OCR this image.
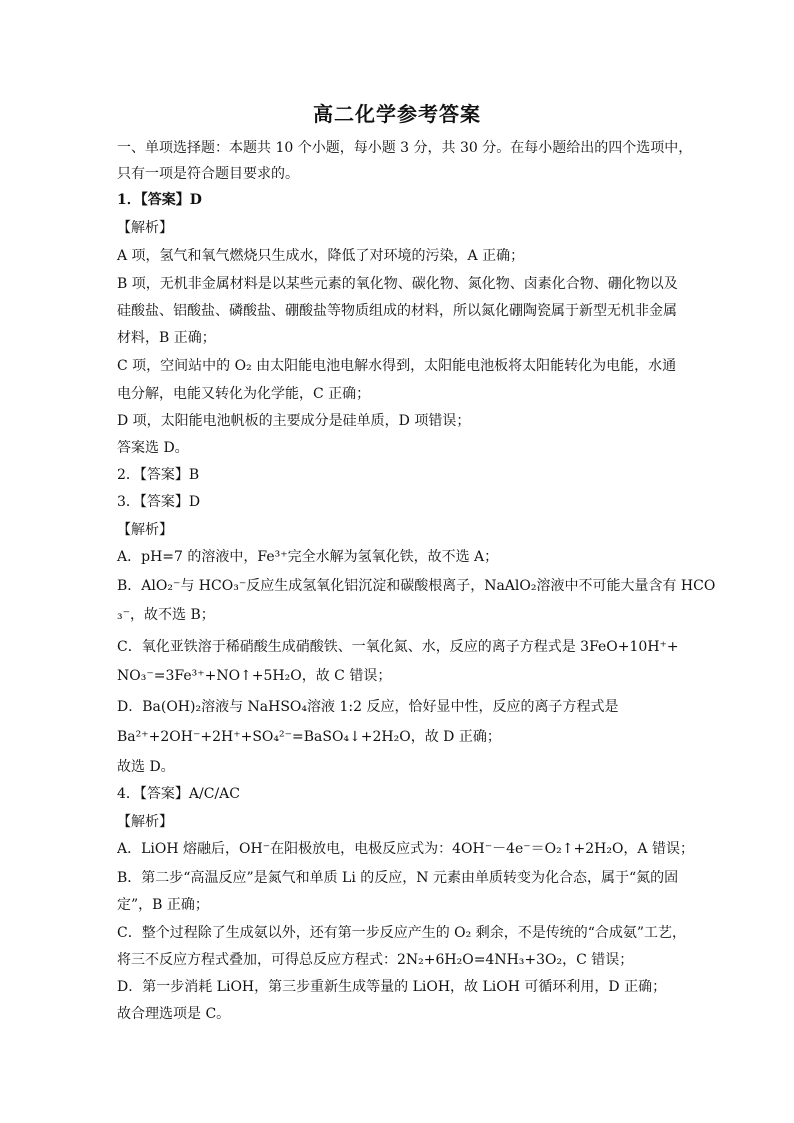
高二化学参考答案
一、单项选择题：本题共 10 个小题，每小题 3 分，共 30 分。在每小题给出的四个选项中，
只有一项是符合题目要求的。
1．【答案】D
【解析】
A 项，氢气和氧气燃烧只生成水，降低了对环境的污染，A 正确；
B 项，无机非金属材料是以某些元素的氧化物、碳化物、氮化物、卤素化合物、硼化物以及
硅酸盐、铝酸盐、磷酸盐、硼酸盐等物质组成的材料，所以氮化硼陶瓷属于新型无机非金属
材料，B 正确；
C 项，空间站中的 O₂ 由太阳能电池电解水得到，太阳能电池板将太阳能转化为电能，水通
电分解，电能又转化为化学能，C 正确；
D 项，太阳能电池帆板的主要成分是硅单质，D 项错误；
答案选 D。
2．【答案】B
3．【答案】D
【解析】
A．pH=7 的溶液中，Fe³⁺完全水解为氢氧化铁，故不选 A；
B．AlO₂⁻与 HCO₃⁻反应生成氢氧化铝沉淀和碳酸根离子，NaAlO₂溶液中不可能大量含有 HCO
₃⁻，故不选 B；
C．氧化亚铁溶于稀硝酸生成硝酸铁、一氧化氮、水，反应的离子方程式是 3FeO+10H⁺+
NO₃⁻=3Fe³⁺+NO↑+5H₂O，故 C 错误；
D．Ba(OH)₂溶液与 NaHSO₄溶液 1:2 反应，恰好显中性，反应的离子方程式是
Ba²⁺+2OH⁻+2H⁺+SO₄²⁻=BaSO₄↓+2H₂O，故 D 正确；
故选 D。
4．【答案】A/C/AC
【解析】
A．LiOH 熔融后，OH⁻在阳极放电，电极反应式为：4OH⁻－4e⁻＝O₂↑+2H₂O，A 错误；
B．第二步“高温反应”是氮气和单质 Li 的反应，N 元素由单质转变为化合态，属于“氮的固
定”，B 正确；
C．整个过程除了生成氨以外，还有第一步反应产生的 O₂ 剩余，不是传统的“合成氨”工艺，
将三不反应方程式叠加，可得总反应方程式：2N₂+6H₂O=4NH₃+3O₂，C 错误；
D．第一步消耗 LiOH，第三步重新生成等量的 LiOH，故 LiOH 可循环利用，D 正确；
故合理选项是 C。
